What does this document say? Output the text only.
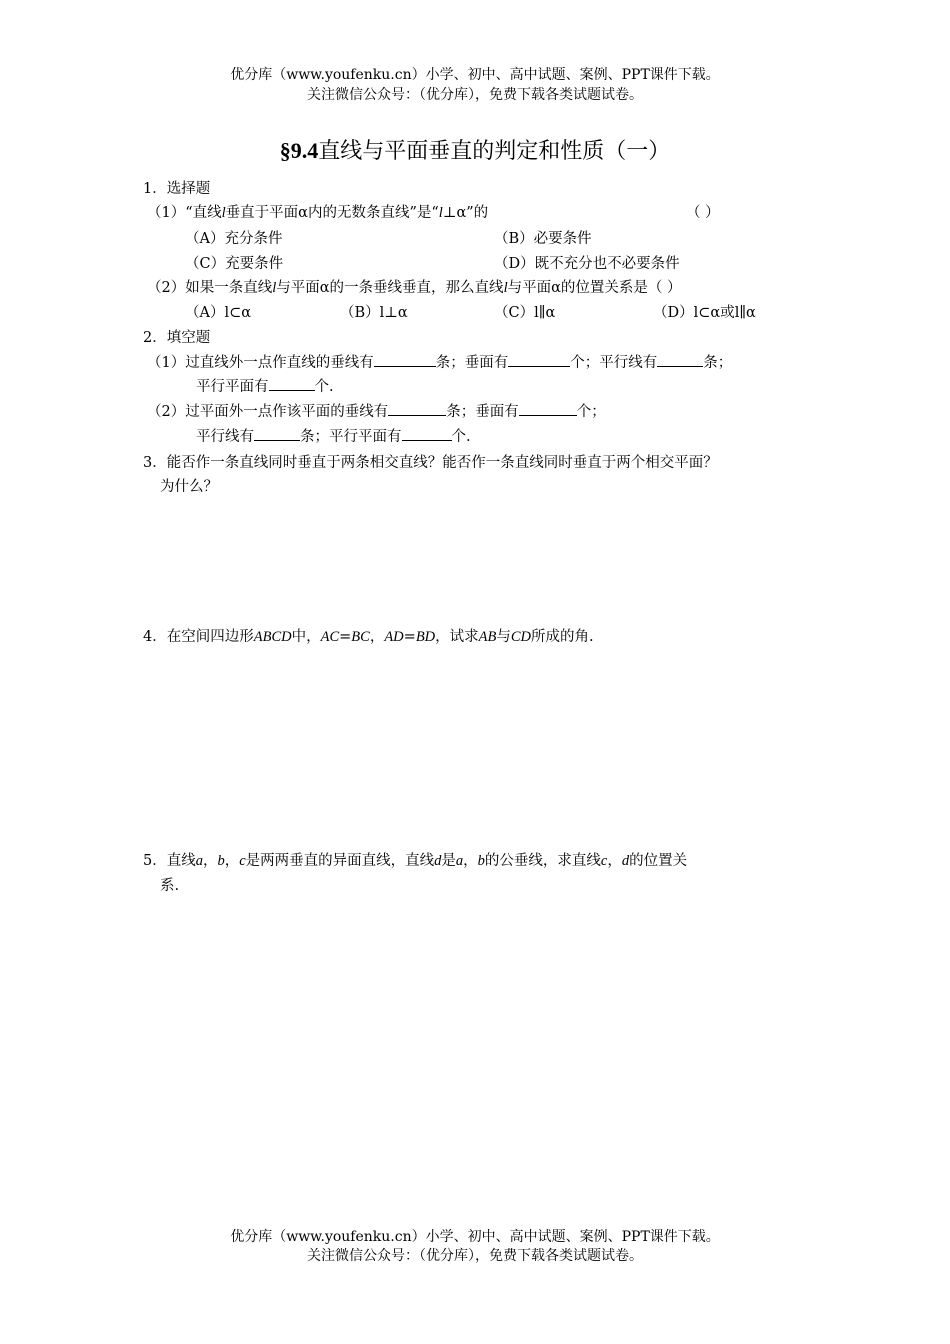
优分库（www.youfenku.cn）小学、初中、高中试题、案例、PPT课件下载。
关注微信公众号：（优分库），免费下载各类试题试卷。
§9.4直线与平面垂直的判定和性质（一）
1．选择题
（1）“直线l垂直于平面α内的无数条直线”是“l⊥α”的	（ ）
（A）充分条件	（B）必要条件
（C）充要条件	（D）既不充分也不必要条件
（2）如果一条直线l与平面α的一条垂线垂直，那么直线l与平面α的位置关系是（ ）
（A）l⊂α	（B）l⊥α	（C）l∥α	（D）l⊂α或l∥α
2．填空题
（1）过直线外一点作直线的垂线有	条；垂面有	个；平行线有	条；
平行平面有	个.
（2）过平面外一点作该平面的垂线有	条；垂面有	个；
平行线有	条；平行平面有	个.
3．能否作一条直线同时垂直于两条相交直线？能否作一条直线同时垂直于两个相交平面？
为什么？
4．在空间四边形ABCD中，AC=BC，AD=BD，试求AB与CD所成的角.
5．直线a，b，c是两两垂直的异面直线，直线d是a，b的公垂线，求直线c，d的位置关
系.
优分库（www.youfenku.cn）小学、初中、高中试题、案例、PPT课件下载。
关注微信公众号：（优分库），免费下载各类试题试卷。
